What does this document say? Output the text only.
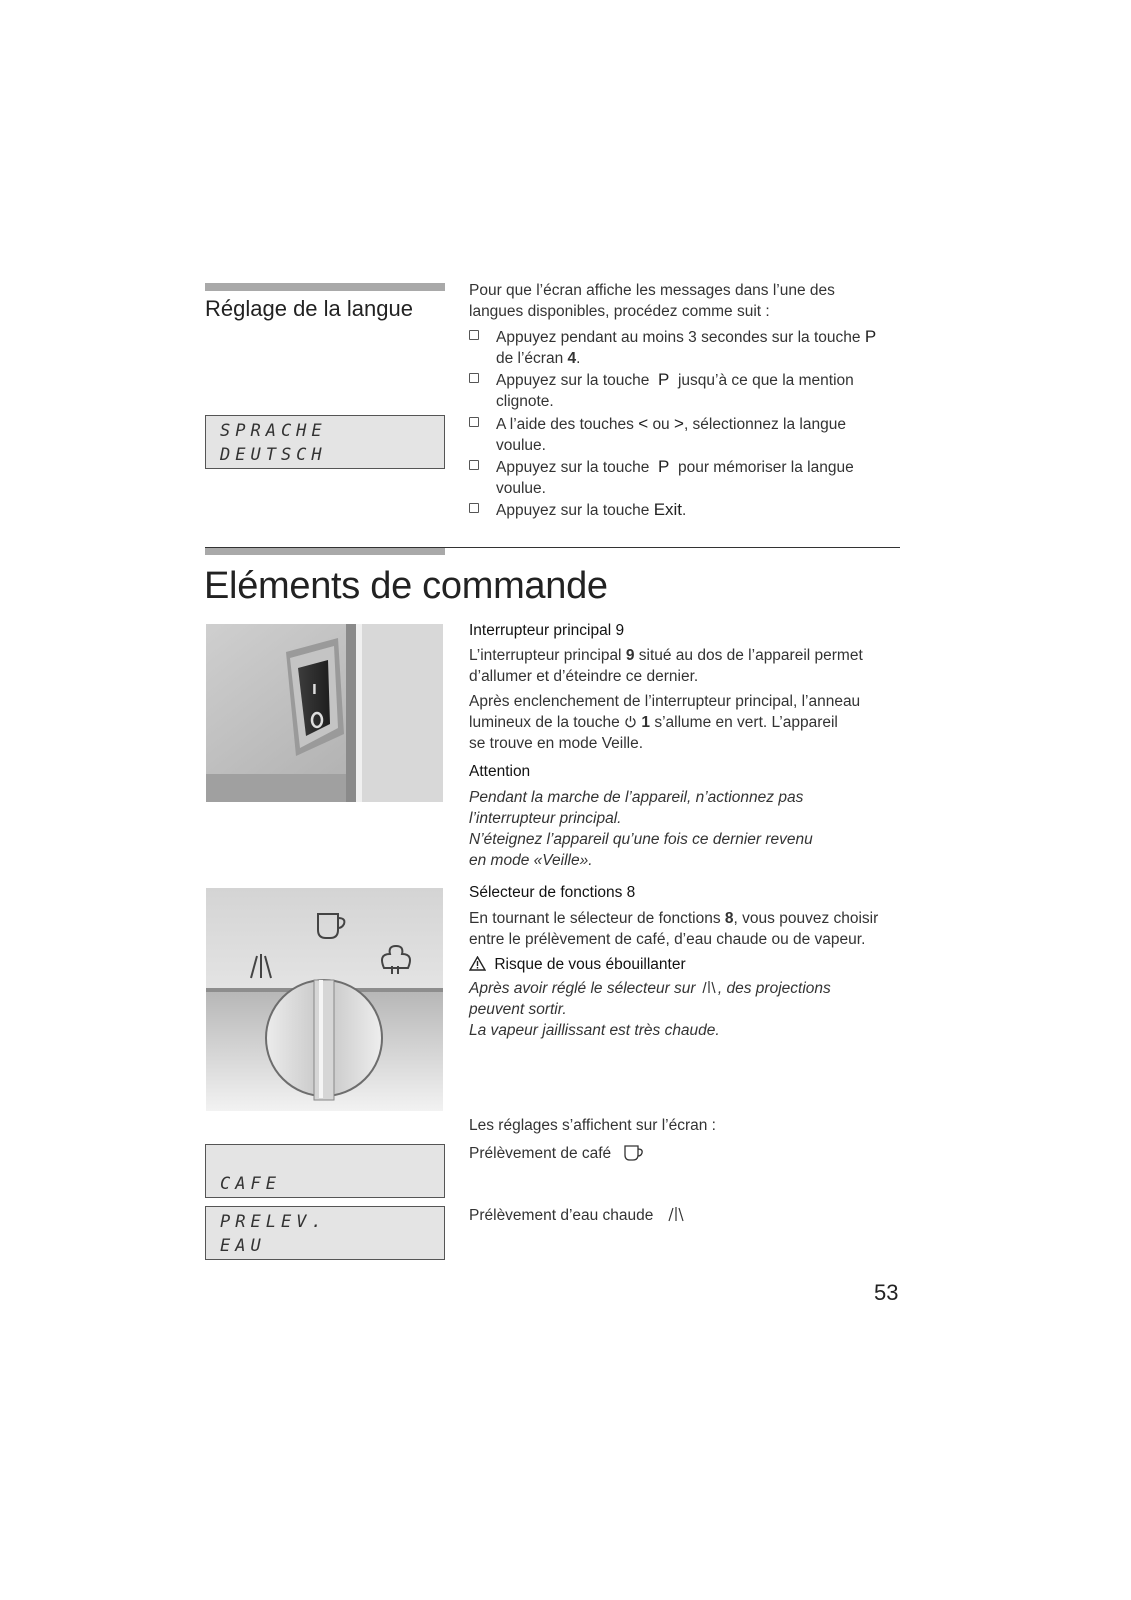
Réglage de la langue
SPRACHE
DEUTSCH
Pour que l’écran affiche les messages dans l’une des
langues disponibles, procédez comme suit :
Appuyez pendant au moins 3 secondes sur la touche P
de l’écran 4.
Appuyez sur la touche P jusqu’à ce que la mention
clignote.
A l’aide des touches < ou >, sélectionnez la langue
voulue.
Appuyez sur la touche P pour mémoriser la langue
voulue.
Appuyez sur la touche Exit.
Eléments de commande
I
Interrupteur principal 9
L’interrupteur principal 9 situé au dos de l’appareil permet
d’allumer et d’éteindre ce dernier.
Après enclenchement de l’interrupteur principal, l’anneau
lumineux de la touche  1 s’allume en vert. L’appareil
se trouve en mode Veille.
Attention
Pendant la marche de l’appareil, n’actionnez pas
l’interrupteur principal.
N’éteignez l’appareil qu’une fois ce dernier revenu
en mode «Veille».
Sélecteur de fonctions 8
En tournant le sélecteur de fonctions 8, vous pouvez choisir
entre le prélèvement de café, d’eau chaude ou de vapeur.
Risque de vous ébouillanter
Après avoir réglé le sélecteur sur , des projections
peuvent sortir.
La vapeur jaillissant est très chaude.
Les réglages s’affichent sur l’écran :
CAFE
Prélèvement de café
PRELEV.
EAU
Prélèvement d’eau chaude
53
